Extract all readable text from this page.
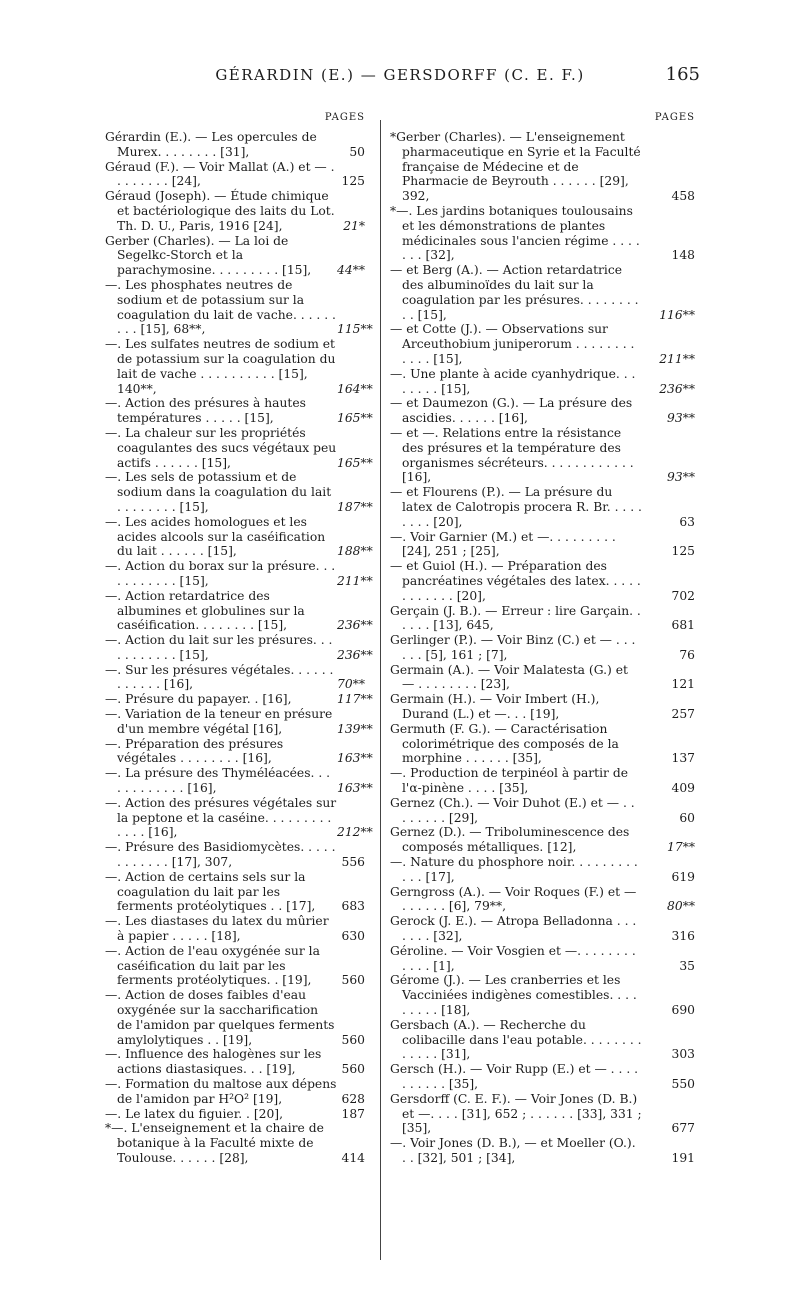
GÉRARDIN (E.) — GERSDORFF (C. E. F.)	165
PAGES
Gérardin (E.). — Les opercules de Murex. . . . . . . . [31],	50
Géraud (F.). — Voir Mallat (A.) et — . . . . . . . . [24],	125
Géraud (Joseph). — Étude chimique et bactériologique des laits du Lot. Th. D. U., Paris, 1916 [24],	21*
Gerber (Charles). — La loi de Segelkc-Storch et la parachymosine. . . . . . . . . [15],	44**
—. Les phosphates neutres de sodium et de potassium sur la coagulation du lait de vache. . . . . . . . . [15], 68**,	115**
—. Les sulfates neutres de sodium et de potassium sur la coagulation du lait de vache . . . . . . . . . . [15], 140**,	164**
—. Action des présures à hautes températures . . . . . [15],	165**
—. La chaleur sur les propriétés coagulantes des sucs végétaux peu actifs . . . . . . [15],	165**
—. Les sels de potassium et de sodium dans la coagulation du lait . . . . . . . . [15],	187**
—. Les acides homologues et les acides alcools sur la caséification du lait . . . . . . [15],	188**
—. Action du borax sur la présure. . . . . . . . . . . [15],	211**
—. Action retardatrice des albumines et globulines sur la caséification. . . . . . . . [15],	236**
—. Action du lait sur les présures. . . . . . . . . . . [15],	236**
—. Sur les présures végétales. . . . . . . . . . . . [16],	70**
—. Présure du papayer. . [16],	117**
—. Variation de la teneur en présure d'un membre végétal [16],	139**
—. Préparation des présures végétales . . . . . . . . [16],	163**
—. La présure des Thyméléacées. . . . . . . . . . . . [16],	163**
—. Action des présures végétales sur la peptone et la caséine. . . . . . . . . . . . . [16],	212**
—. Présure des Basidiomycètes. . . . . . . . . . . . [17], 307,	556
—. Action de certains sels sur la coagulation du lait par les ferments protéolytiques . . [17],	683
—. Les diastases du latex du mûrier à papier . . . . . [18],	630
—. Action de l'eau oxygénée sur la caséification du lait par les ferments protéolytiques. . [19],	560
—. Action de doses faibles d'eau oxygénée sur la saccharification de l'amidon par quelques ferments amylolytiques . . [19],	560
—. Influence des halogènes sur les actions diastasiques. . . [19],	560
—. Formation du maltose aux dépens de l'amidon par H²O² [19],	628
—. Le latex du figuier. . [20],	187
*—. L'enseignement et la chaire de botanique à la Faculté mixte de Toulouse. . . . . . [28],	414
PAGES
*Gerber (Charles). — L'enseignement pharmaceutique en Syrie et la Faculté française de Médecine et de Pharmacie de Beyrouth . . . . . . [29], 392,	458
*—. Les jardins botaniques toulousains et les démonstrations de plantes médicinales sous l'ancien régime . . . . . . . [32],	148
— et Berg (A.). — Action retardatrice des albuminoïdes du lait sur la coagulation par les présures. . . . . . . . . . [15],	116**
— et Cotte (J.). — Observations sur Arceuthobium juniperorum . . . . . . . . . . . . [15],	211**
—. Une plante à acide cyanhydrique. . . . . . . . [15],	236**
— et Daumezon (G.). — La présure des ascidies. . . . . . [16],	93**
— et —. Relations entre la résistance des présures et la température des organismes sécréteurs. . . . . . . . . . . . [16],	93**
— et Flourens (P.). — La présure du latex de Calotropis procera R. Br. . . . . . . . . [20],	63
—. Voir Garnier (M.) et —. . . . . . . . . [24], 251 ; [25],	125
— et Guiol (H.). — Préparation des pancréatines végétales des latex. . . . . . . . . . . . [20],	702
Gerçain (J. B.). — Erreur : lire Garçain. . . . . . [13], 645,	681
Gerlinger (P.). — Voir Binz (C.) et — . . . . . . [5], 161 ; [7],	76
Germain (A.). — Voir Malatesta (G.) et — . . . . . . . . [23],	121
Germain (H.). — Voir Imbert (H.), Durand (L.) et —. . . [19],	257
Germuth (F. G.). — Caractérisation colorimétrique des composés de la morphine . . . . . . [35],	137
—. Production de terpinéol à partir de l'α-pinène . . . . [35],	409
Gernez (Ch.). — Voir Duhot (E.) et — . . . . . . . . [29],	60
Gernez (D.). — Triboluminescence des composés métalliques. [12],	17**
—. Nature du phosphore noir. . . . . . . . . . . . [17],	619
Gerngross (A.). — Voir Roques (F.) et — . . . . . . [6], 79**,	80**
Gerock (J. E.). — Atropa Belladonna . . . . . . . [32],	316
Géroline. — Voir Vosgien et —. . . . . . . . . . . . [1],	35
Gérome (J.). — Les cranberries et les Vacciniées indigènes comestibles. . . . . . . . . [18],	690
Gersbach (A.). — Recherche du colibacille dans l'eau potable. . . . . . . . . . . . . [31],	303
Gersch (H.). — Voir Rupp (E.) et — . . . . . . . . . . [35],	550
Gersdorff (C. E. F.). — Voir Jones (D. B.) et —. . . . [31], 652 ; . . . . . . [33], 331 ; [35],	677
—. Voir Jones (D. B.), — et Moeller (O.). . . [32], 501 ; [34],	191
